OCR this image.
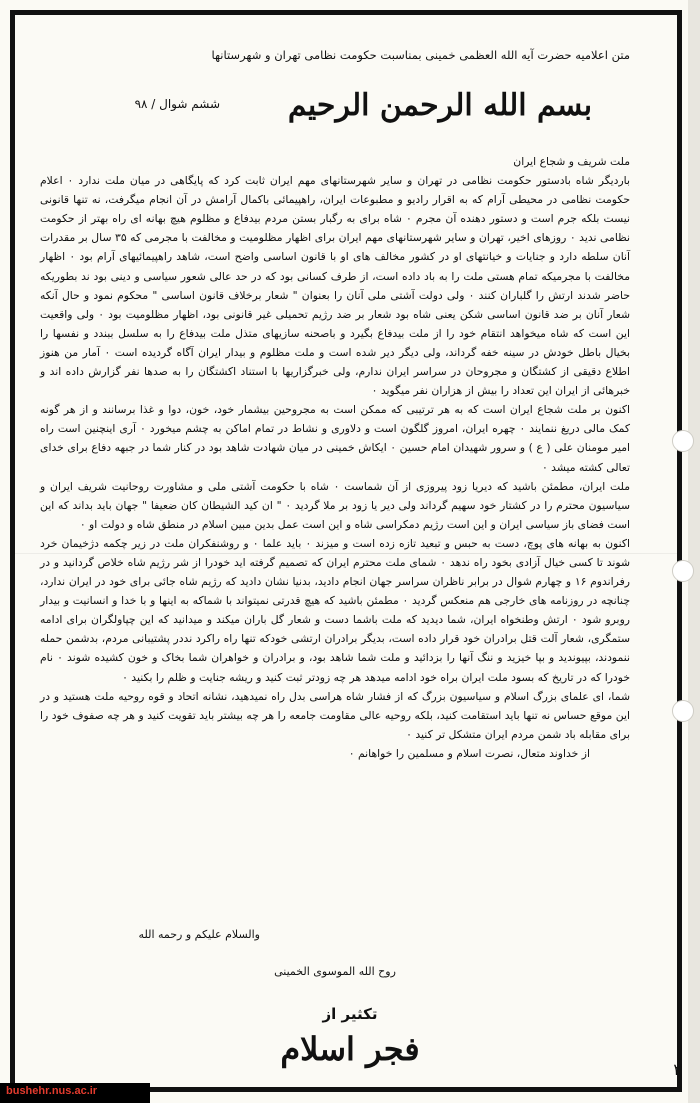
متن اعلامیه حضرت آیه الله العظمی خمینی بمناسبت حکومت نظامی تهران و شهرستانها
ششم شوال / ۹۸	بسم الله الرحمن الرحیم

ملت شریف و شجاع ایران

باردیگر شاه بادستور حکومت نظامی در تهران و سایر شهرستانهای مهم ایران ثابت کرد که پایگاهی در میان ملت ندارد ۰ اعلام حکومت نظامی در محیطی آرام که به اقرار رادیو و مطبوعات ایران، راهپیمائی باکمال آرامش در آن انجام میگرفت، نه تنها قانونی نیست بلکه جرم است و دستور دهنده آن مجرم ۰ شاه برای به رگبار بستن مردم بیدفاع و مظلوم هیچ بهانه ای راه بهتر از حکومت نظامی ندید ۰ روزهای اخیر، تهران و سایر شهرستانهای مهم ایران برای اظهار مظلومیت و مخالفت با مجرمی که ۳۵ سال بر مقدرات آنان سلطه دارد و جنایات و خیانتهای او در کشور مخالف های او با قانون اساسی واضح است، شاهد راهپیمائیهای آرام بود ۰ اظهار مخالفت با مجرمیکه تمام هستی ملت را به باد داده است، از طرف کسانی بود که در حد عالی شعور سیاسی و دینی بود ند بطوریکه حاضر شدند ارتش را گلباران کنند ۰ ولی دولت آشتی ملی آنان را بعنوان " شعار برخلاف قانون اساسی " محکوم نمود و حال آنکه شعار آنان بر ضد قانون اساسی شکن یعنی شاه بود شعار بر ضد رژیم تحمیلی غیر قانونی بود، اظهار مظلومیت بود ۰ ولی واقعیت این است که شاه میخواهد انتقام خود را از ملت بیدفاع بگیرد و باصحنه سازیهای متذل ملت بیدفاع را به سلسل ببندد و نفسها را بخیال باطل خودش در سینه خفه گرداند، ولی دیگر دیر شده است و ملت مظلوم و بیدار ایران آگاه گردیده است ۰ آمار من هنوز اطلاع دقیقی از کشتگان و مجروحان در سراسر ایران ندارم، ولی خبرگزاریها با استناد اکشتگان را به صدها نفر گزارش داده اند و خبرهائی از ایران این تعداد را بیش از هزاران نفر میگوید ۰

اکنون بر ملت شجاع ایران است که به هر ترتیبی که ممکن است به مجروحین بیشمار خود، خون، دوا و غذا برسانند و از هر گونه کمک مالی دریغ ننمایند ۰ چهره ایران، امروز گلگون است و دلاوری و نشاط در تمام اماکن به چشم میخورد ۰ آری اینچنین است راه امیر مومنان علی ( ع ) و سرور شهیدان امام حسین ۰ ایکاش خمینی در میان شهادت شاهد بود در کنار شما در جبهه دفاع برای خدای تعالی کشته میشد ۰

ملت ایران، مطمئن باشید که دیریا زود پیروزی از آن شماست ۰ شاه با حکومت آشتی ملی و مشاورت روحانیت شریف ایران و سیاسیون محترم را در کشتار خود سهیم گرداند ولی دیر یا زود بر ملا گردید ۰ " ان کید الشیطان کان ضعیفا " جهان باید بداند که این است فضای باز سیاسی ایران و این است رژیم دمکراسی شاه و این است عمل بدین مبین اسلام در منطق شاه و دولت او ۰

اکنون به بهانه های پوچ، دست به حبس و تبعید تازه زده است و میزند ۰ باید علما ۰ و روشنفکران ملت در زیر چکمه دژخیمان خرد شوند تا کسی خیال آزادی بخود راه ندهد ۰ شمای ملت محترم ایران که تصمیم گرفته اید خودرا از شر رژیم شاه خلاص گردانید و در رفراندوم ۱۶ و چهارم شوال در برابر ناظران سراسر جهان انجام دادید، بدنیا نشان دادید که رژیم شاه جائی برای خود در ایران ندارد، چنانچه در روزنامه های خارجی هم منعکس گردید ۰ مطمئن باشید که هیچ قدرتی نمیتواند با شماکه به اینها و با خدا و انسانیت و بیدار روبرو شود ۰ ارتش وطنخواه ایران، شما دیدید که ملت باشما دست و شعار گل باران میکند و میدانید که این چپاولگران برای ادامه ستمگری، شعار آلت قتل برادران خود قرار داده است، بدیگر برادران ارتشی خودکه تنها راه راکرد نددر پشتیبانی مردم، بدشمن حمله ننمودند، بپیوندید و بپا خیزید و ننگ آنها را بزدائید و ملت شما شاهد بود، و برادران و خواهران شما بخاک و خون کشیده شوند ۰ نام خودرا که در تاریخ که بسود ملت ایران براه خود ادامه میدهد هر چه زودتر ثبت کنید و ریشه جنایت و ظلم را بکنید ۰

شما، ای علمای بزرگ اسلام و سیاسیون بزرگ که از فشار شاه هراسی بدل راه نمیدهید، نشانه اتحاد و قوه روحیه ملت هستید و در این موقع حساس نه تنها باید استقامت کنید، بلکه روحیه عالی مقاومت جامعه را هر چه بیشتر باید تقویت کنید و هر چه صفوف خود را برای مقابله باد شمن مردم ایران متشکل تر کنید ۰

از خداوند متعال، نصرت اسلام و مسلمین را خواهانم ۰

والسلام علیکم و رحمه الله
روح الله الموسوی الخمینی
تکثیر از
فجر اسلام
۳
bushehr.nus.ac.ir
